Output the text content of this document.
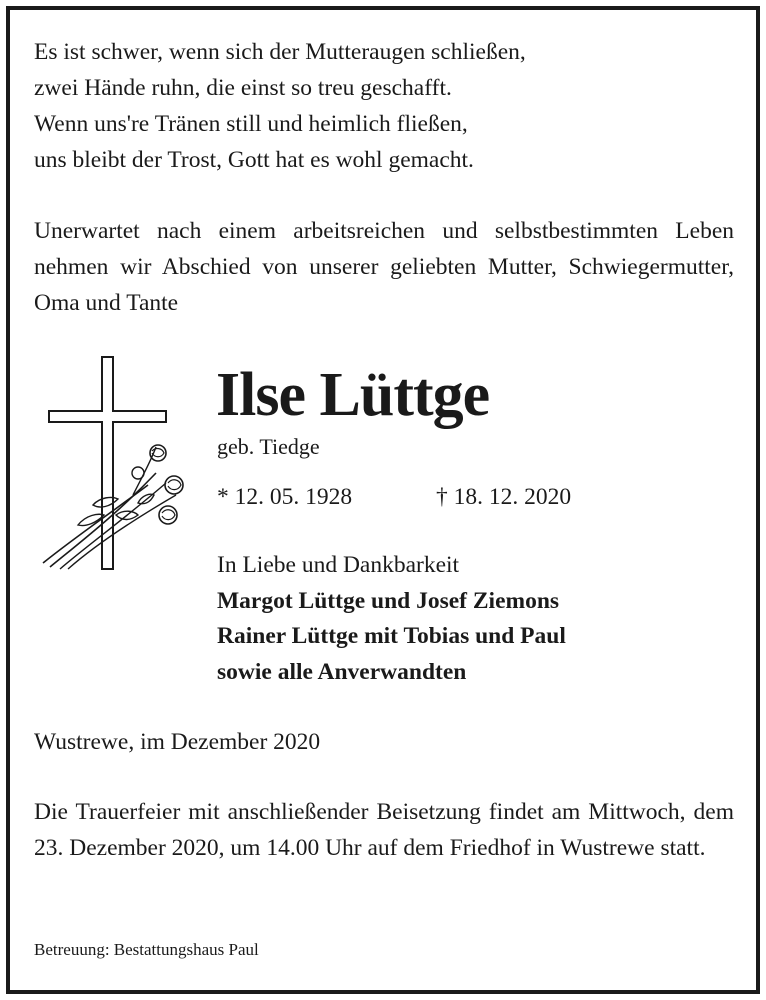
Es ist schwer, wenn sich der Mutteraugen schließen,
zwei Hände ruhn, die einst so treu geschafft.
Wenn uns're Tränen still und heimlich fließen,
uns bleibt der Trost, Gott hat es wohl gemacht.
Unerwartet nach einem arbeitsreichen und selbstbestimmten Leben nehmen wir Abschied von unserer geliebten Mutter, Schwiegermutter, Oma und Tante
Ilse Lüttge
geb. Tiedge
* 12. 05. 1928	† 18. 12. 2020
In Liebe und Dankbarkeit
Margot Lüttge und Josef Ziemons
Rainer Lüttge mit Tobias und Paul
sowie alle Anverwandten
Wustrewe, im Dezember 2020
Die Trauerfeier mit anschließender Beisetzung findet am Mittwoch, dem 23. Dezember 2020, um 14.00 Uhr auf dem Friedhof in Wustrewe statt.
Betreuung: Bestattungshaus Paul
